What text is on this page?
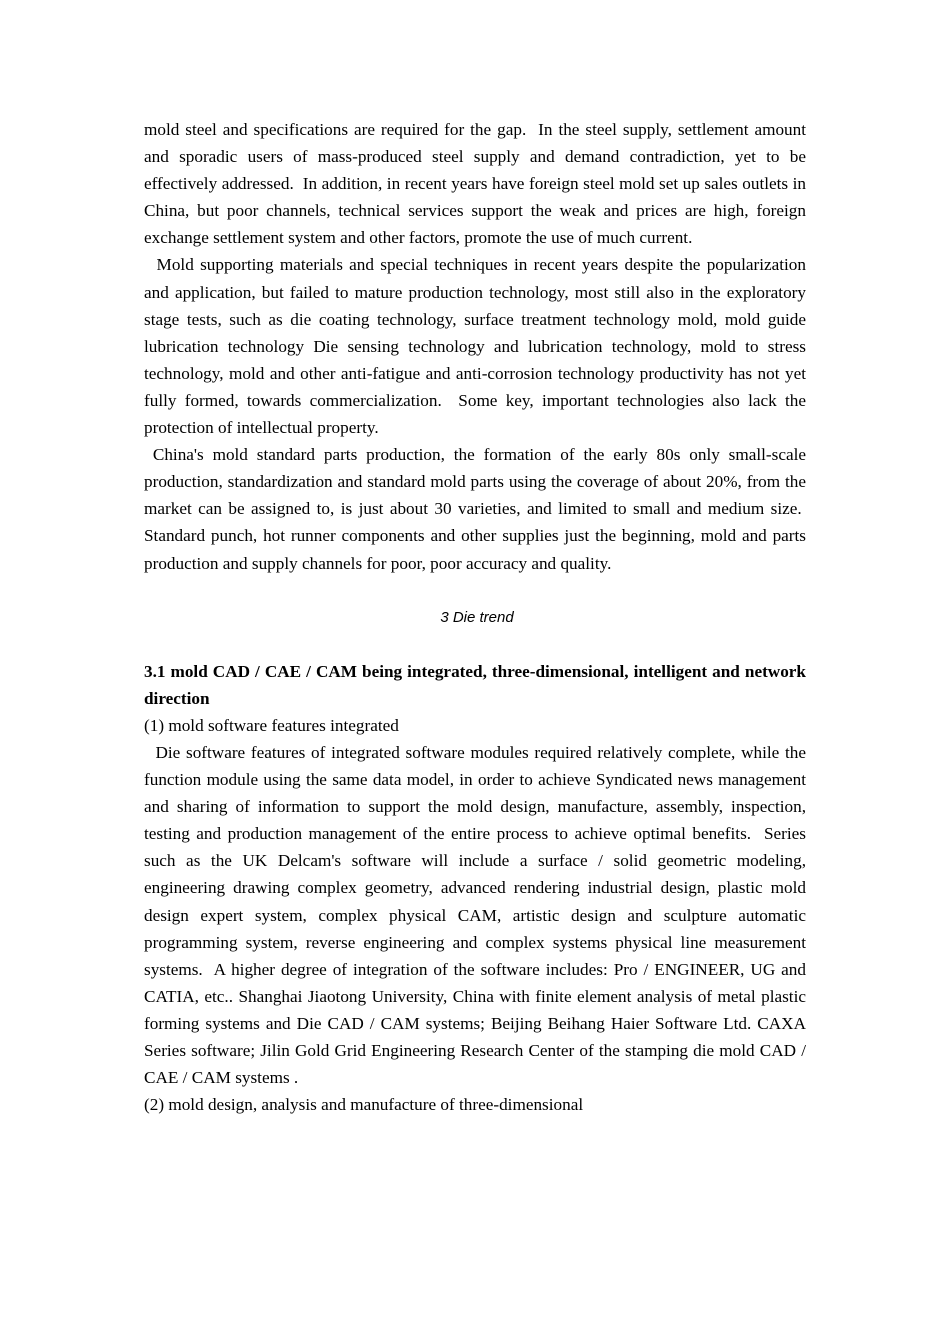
mold steel and specifications are required for the gap.  In the steel supply, settlement amount and sporadic users of mass-produced steel supply and demand contradiction, yet to be effectively addressed.  In addition, in recent years have foreign steel mold set up sales outlets in China, but poor channels, technical services support the weak and prices are high, foreign exchange settlement system and other factors, promote the use of much current.

Mold supporting materials and special techniques in recent years despite the popularization and application, but failed to mature production technology, most still also in the exploratory stage tests, such as die coating technology, surface treatment technology mold, mold guide lubrication technology Die sensing technology and lubrication technology, mold to stress technology, mold and other anti-fatigue and anti-corrosion technology productivity has not yet fully formed, towards commercialization.  Some key, important technologies also lack the protection of intellectual property.

China's mold standard parts production, the formation of the early 80s only small-scale production, standardization and standard mold parts using the coverage of about 20%, from the market can be assigned to, is just about 30 varieties, and limited to small and medium size.  Standard punch, hot runner components and other supplies just the beginning, mold and parts production and supply channels for poor, poor accuracy and quality.

3 Die trend

3.1 mold CAD / CAE / CAM being integrated, three-dimensional, intelligent and network direction

(1) mold software features integrated

Die software features of integrated software modules required relatively complete, while the function module using the same data model, in order to achieve Syndicated news management and sharing of information to support the mold design, manufacture, assembly, inspection, testing and production management of the entire process to achieve optimal benefits.  Series such as the UK Delcam's software will include a surface / solid geometric modeling, engineering drawing complex geometry, advanced rendering industrial design, plastic mold design expert system, complex physical CAM, artistic design and sculpture automatic programming system, reverse engineering and complex systems physical line measurement systems.  A higher degree of integration of the software includes: Pro / ENGINEER, UG and CATIA, etc.. Shanghai Jiaotong University, China with finite element analysis of metal plastic forming systems and Die CAD / CAM systems; Beijing Beihang Haier Software Ltd. CAXA Series software; Jilin Gold Grid Engineering Research Center of the stamping die mold CAD / CAE / CAM systems .

(2) mold design, analysis and manufacture of three-dimensional
